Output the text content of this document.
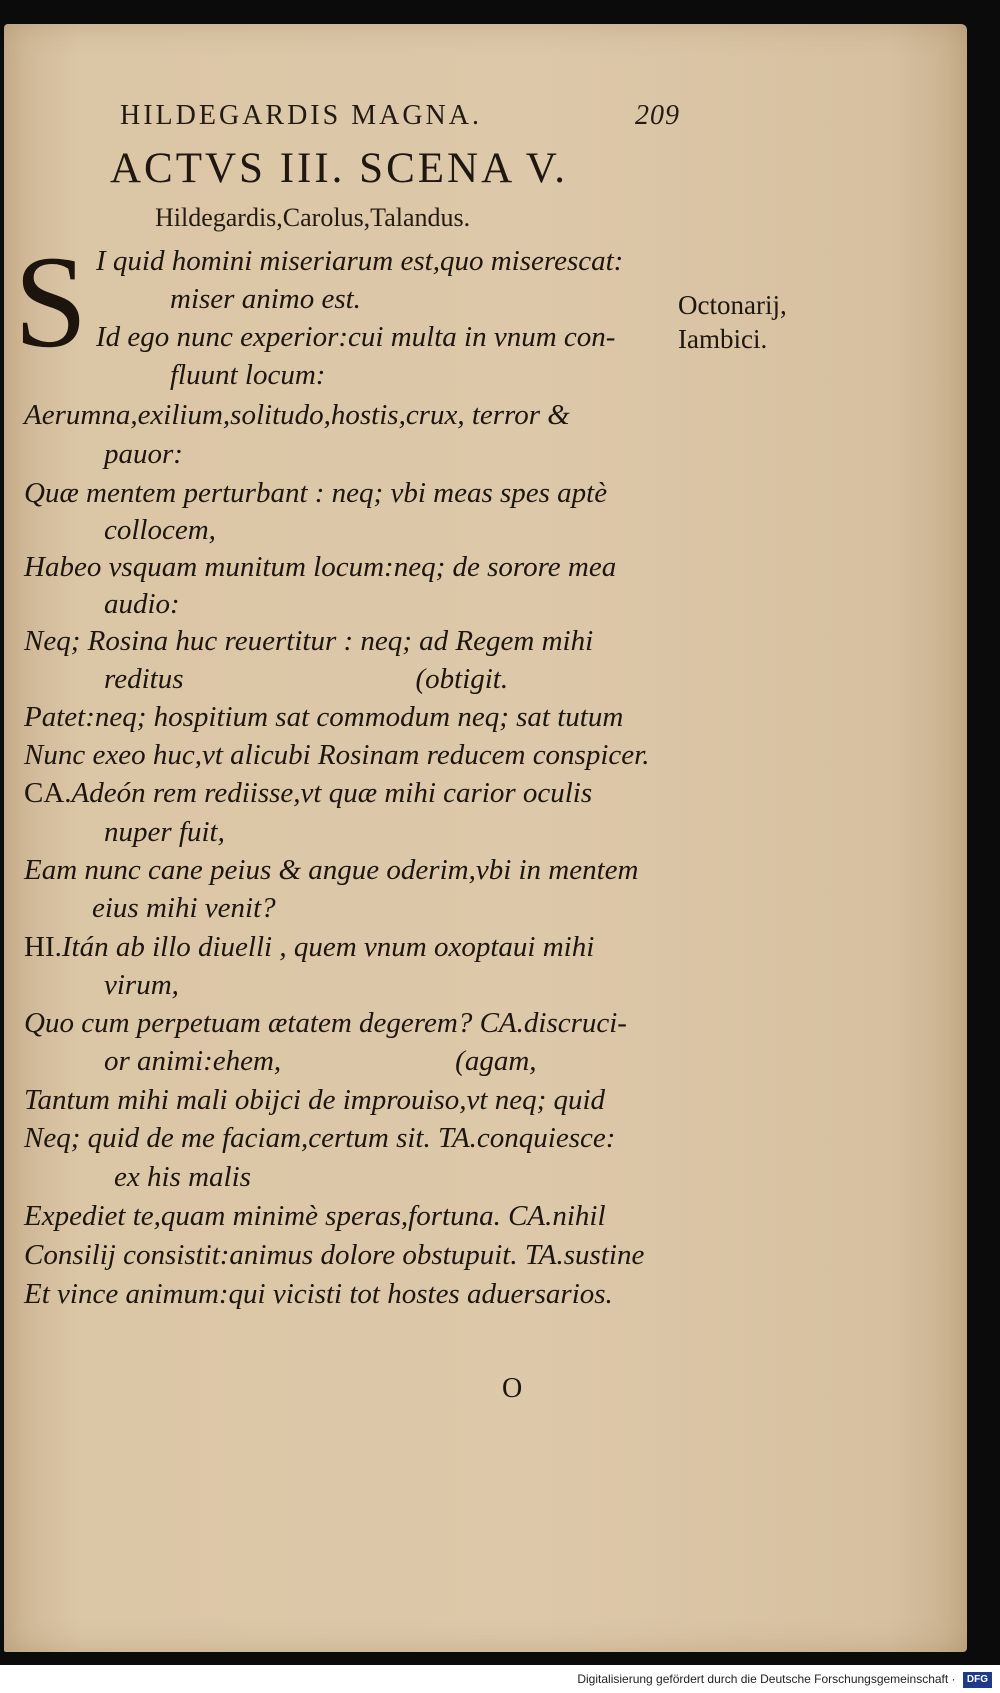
HILDEGARDIS MAGNA.	209
ACTVS III. SCENA V.
Hildegardis,Carolus,Talandus.
S	Octonarij,
Iambici.
I quid homini miseriarum est,quo miserescat:
miser animo est.
Id ego nunc experior:cui multa in vnum con-
fluunt locum:
Aerumna,exilium,solitudo,hostis,crux, terror &
pauor:
Quæ mentem perturbant : neq; vbi meas spes aptè
collocem,
Habeo vsquam munitum locum:neq; de sorore mea
audio:
Neq; Rosina huc reuertitur : neq; ad Regem mihi
reditus                                (obtigit.
Patet:neq; hospitium sat commodum neq; sat tutum
Nunc exeo huc,vt alicubi Rosinam reducem conspicer.
CA.Adeón rem rediisse,vt quæ mihi carior oculis
nuper fuit,
Eam nunc cane peius & angue oderim,vbi in mentem
eius mihi venit?
HI.Itán ab illo diuelli , quem vnum oxoptaui mihi
virum,
Quo cum perpetuam ætatem degerem? CA.discruci-
or animi:ehem,                        (agam,
Tantum mihi mali obijci de improuiso,vt neq; quid
Neq; quid de me faciam,certum sit. TA.conquiesce:
ex his malis
Expediet te,quam minimè speras,fortuna. CA.nihil
Consilij consistit:animus dolore obstupuit. TA.sustine
Et vince animum:qui vicisti tot hostes aduersarios.
O
Digitalisierung gefördert durch die Deutsche Forschungsgemeinschaft · DFG
